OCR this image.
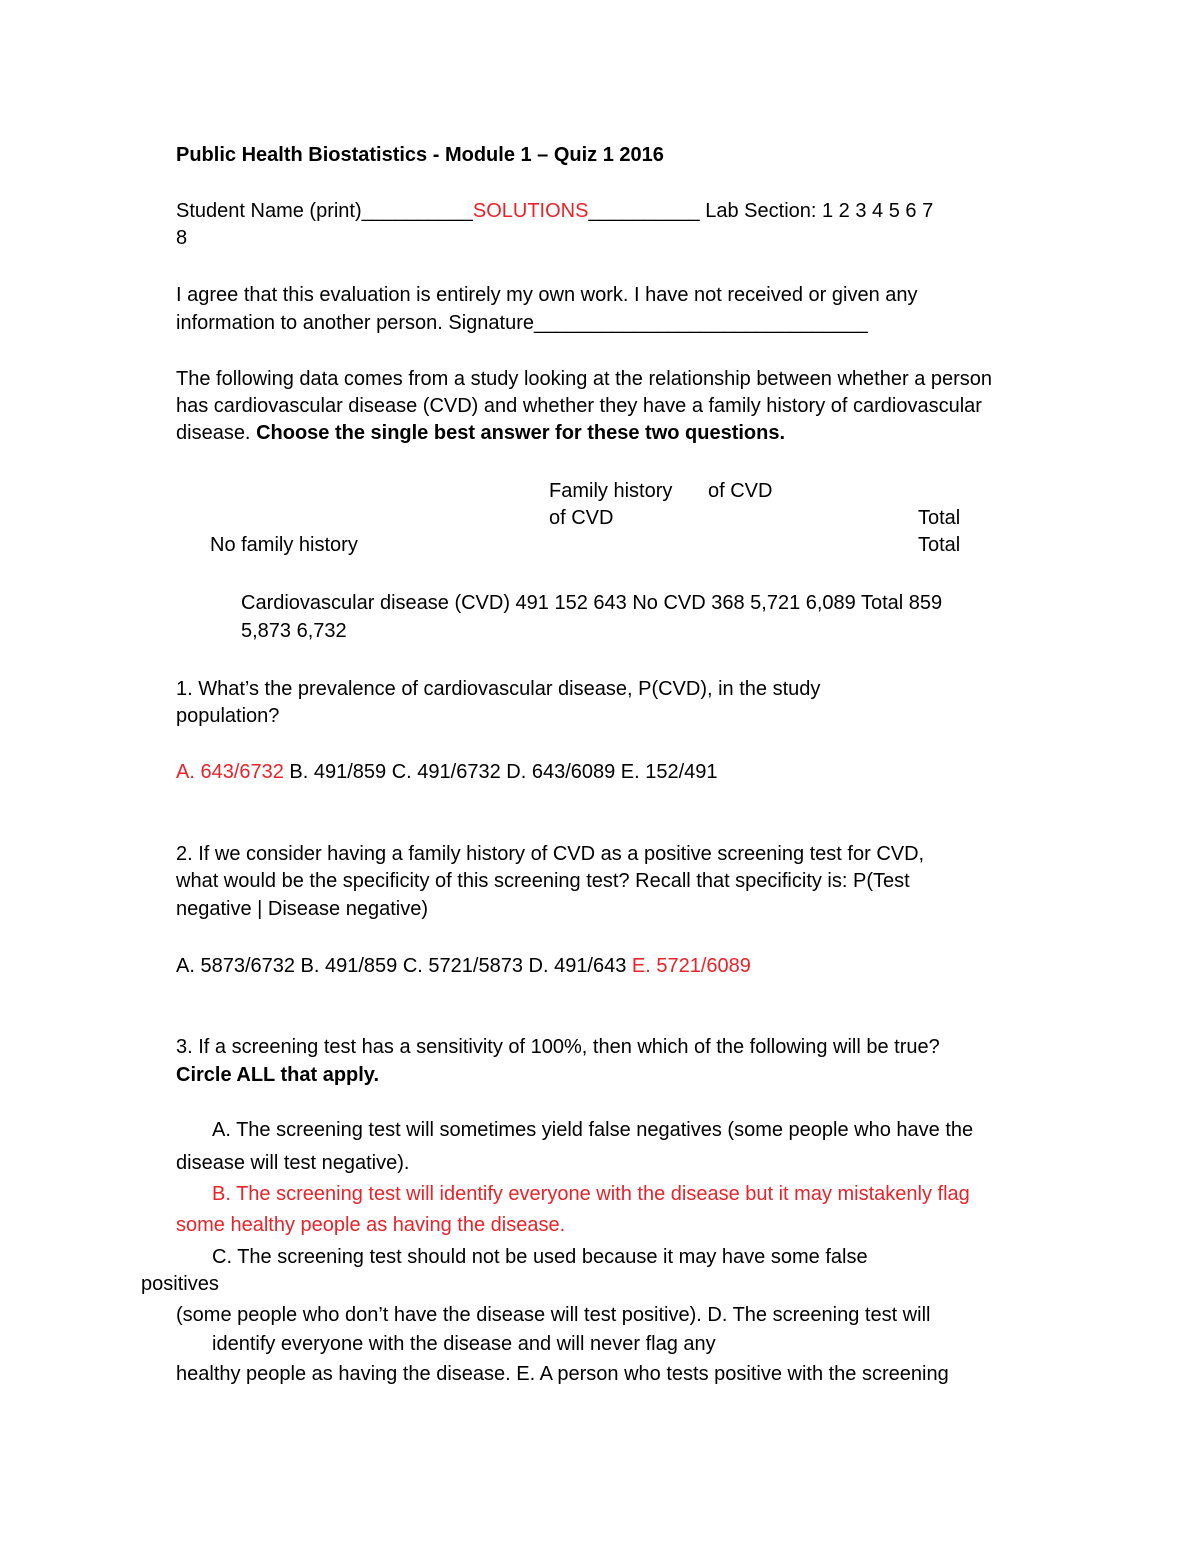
Public Health Biostatistics - Module 1 – Quiz 1 2016
Student Name (print)__________SOLUTIONS__________ Lab Section: 1 2 3 4 5 6 7
8
I agree that this evaluation is entirely my own work. I have not received or given any
information to another person. Signature______________________________
The following data comes from a study looking at the relationship between whether a person
has cardiovascular disease (CVD) and whether they have a family history of cardiovascular
disease. Choose the single best answer for these two questions.
Family history of CVD
of CVD	Total
No family history	Total
Cardiovascular disease (CVD) 491 152 643 No CVD 368 5,721 6,089 Total 859
5,873 6,732
1. What’s the prevalence of cardiovascular disease, P(CVD), in the study
population?
A. 643/6732 B. 491/859 C. 491/6732 D. 643/6089 E. 152/491
2. If we consider having a family history of CVD as a positive screening test for CVD,
what would be the specificity of this screening test? Recall that specificity is: P(Test
negative | Disease negative)
A. 5873/6732 B. 491/859 C. 5721/5873 D. 491/643 E. 5721/6089
3. If a screening test has a sensitivity of 100%, then which of the following will be true?
Circle ALL that apply.
A. The screening test will sometimes yield false negatives (some people who have the
disease will test negative).
B. The screening test will identify everyone with the disease but it may mistakenly flag
some healthy people as having the disease.
C. The screening test should not be used because it may have some false
positives
(some people who don’t have the disease will test positive). D. The screening test will
identify everyone with the disease and will never flag any
healthy people as having the disease. E. A person who tests positive with the screening
